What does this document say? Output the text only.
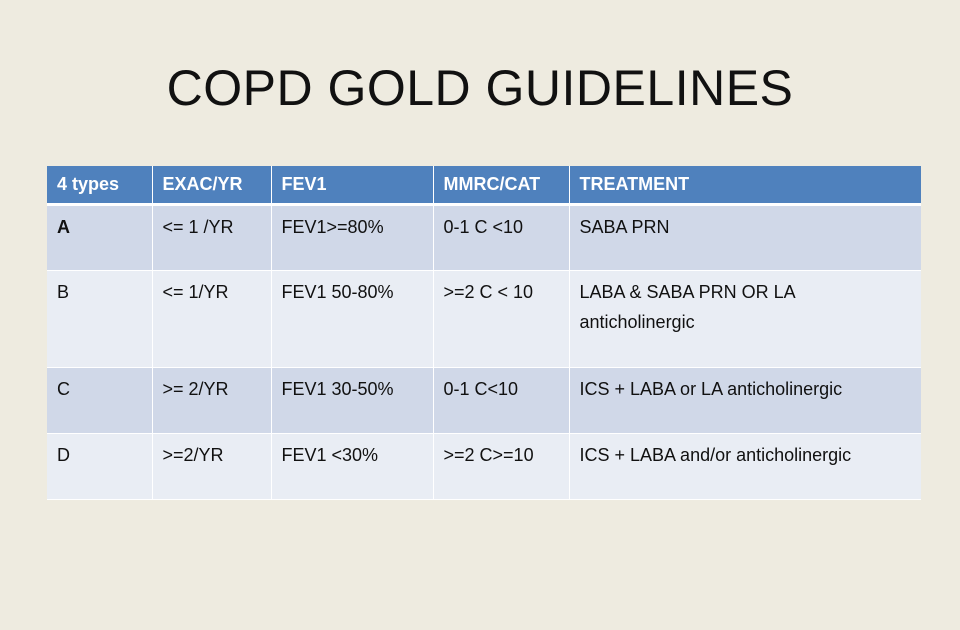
COPD GOLD GUIDELINES
4 types	EXAC/YR	FEV1	MMRC/CAT	TREATMENT
A	<= 1 /YR	FEV1>=80%	0-1 C <10	SABA PRN
B	<= 1/YR	FEV1 50-80%	>=2 C < 10	LABA & SABA PRN OR LA anticholinergic
C	>= 2/YR	FEV1 30-50%	0-1 C<10	ICS + LABA or LA anticholinergic
D	>=2/YR	FEV1 <30%	>=2 C>=10	ICS + LABA and/or anticholinergic
